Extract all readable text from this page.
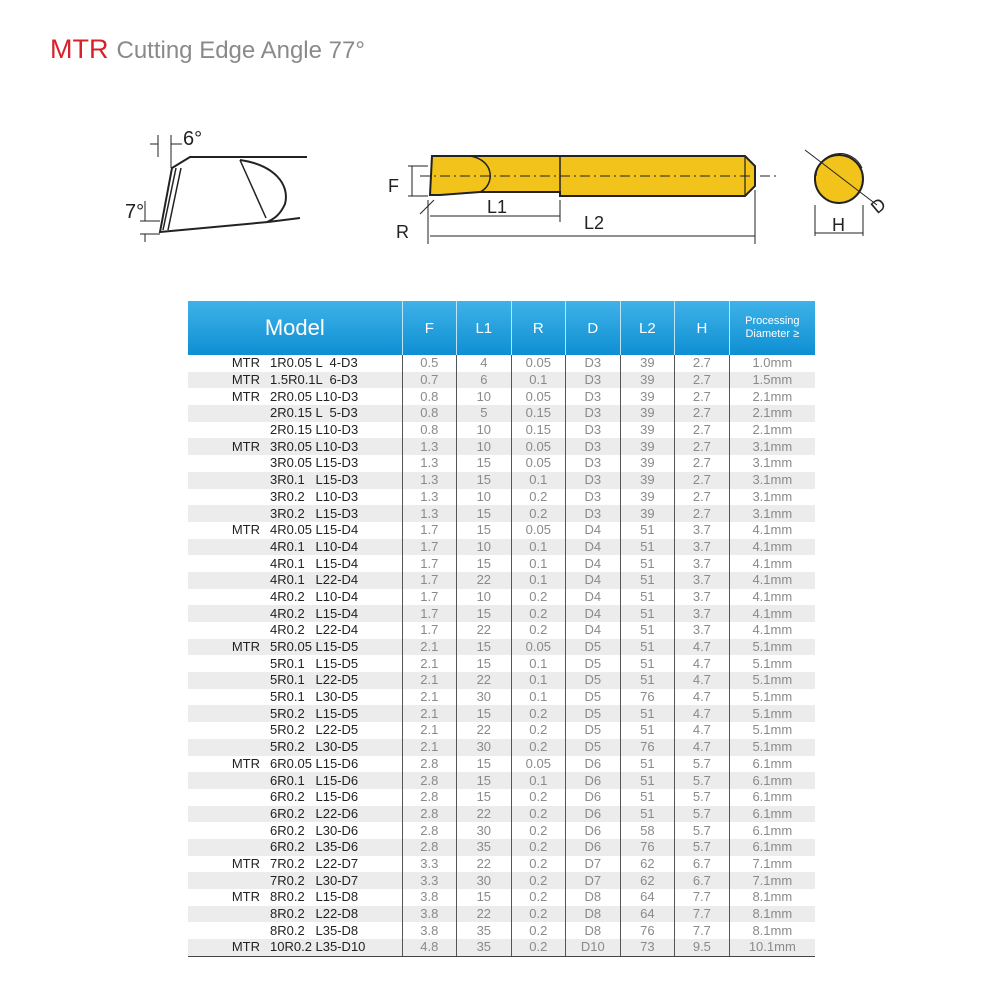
MTR Cutting Edge Angle 77°
6°
7°
F
R
L1
L2	H
D
Model	F	L1	R	D	L2	H	Processing
Diameter ≥

MTR 1R0.05 L  4-D3	0.5	4	0.05	D3	39	2.7	1.0mm
MTR 1.5R0.1L  6-D3	0.7	6	0.1	D3	39	2.7	1.5mm
MTR 2R0.05 L10-D3	0.8	10	0.05	D3	39	2.7	2.1mm
2R0.15 L  5-D3	0.8	5	0.15	D3	39	2.7	2.1mm
2R0.15 L10-D3	0.8	10	0.15	D3	39	2.7	2.1mm
MTR 3R0.05 L10-D3	1.3	10	0.05	D3	39	2.7	3.1mm
3R0.05 L15-D3	1.3	15	0.05	D3	39	2.7	3.1mm
3R0.1   L15-D3	1.3	15	0.1	D3	39	2.7	3.1mm
3R0.2   L10-D3	1.3	10	0.2	D3	39	2.7	3.1mm
3R0.2   L15-D3	1.3	15	0.2	D3	39	2.7	3.1mm
MTR 4R0.05 L15-D4	1.7	15	0.05	D4	51	3.7	4.1mm
4R0.1   L10-D4	1.7	10	0.1	D4	51	3.7	4.1mm
4R0.1   L15-D4	1.7	15	0.1	D4	51	3.7	4.1mm
4R0.1   L22-D4	1.7	22	0.1	D4	51	3.7	4.1mm
4R0.2   L10-D4	1.7	10	0.2	D4	51	3.7	4.1mm
4R0.2   L15-D4	1.7	15	0.2	D4	51	3.7	4.1mm
4R0.2   L22-D4	1.7	22	0.2	D4	51	3.7	4.1mm
MTR 5R0.05 L15-D5	2.1	15	0.05	D5	51	4.7	5.1mm
5R0.1   L15-D5	2.1	15	0.1	D5	51	4.7	5.1mm
5R0.1   L22-D5	2.1	22	0.1	D5	51	4.7	5.1mm
5R0.1   L30-D5	2.1	30	0.1	D5	76	4.7	5.1mm
5R0.2   L15-D5	2.1	15	0.2	D5	51	4.7	5.1mm
5R0.2   L22-D5	2.1	22	0.2	D5	51	4.7	5.1mm
5R0.2   L30-D5	2.1	30	0.2	D5	76	4.7	5.1mm
MTR 6R0.05 L15-D6	2.8	15	0.05	D6	51	5.7	6.1mm
6R0.1   L15-D6	2.8	15	0.1	D6	51	5.7	6.1mm
6R0.2   L15-D6	2.8	15	0.2	D6	51	5.7	6.1mm
6R0.2   L22-D6	2.8	22	0.2	D6	51	5.7	6.1mm
6R0.2   L30-D6	2.8	30	0.2	D6	58	5.7	6.1mm
6R0.2   L35-D6	2.8	35	0.2	D6	76	5.7	6.1mm
MTR 7R0.2   L22-D7	3.3	22	0.2	D7	62	6.7	7.1mm
7R0.2   L30-D7	3.3	30	0.2	D7	62	6.7	7.1mm
MTR 8R0.2   L15-D8	3.8	15	0.2	D8	64	7.7	8.1mm
8R0.2   L22-D8	3.8	22	0.2	D8	64	7.7	8.1mm
8R0.2   L35-D8	3.8	35	0.2	D8	76	7.7	8.1mm
MTR 10R0.2 L35-D10	4.8	35	0.2	D10	73	9.5	10.1mm
